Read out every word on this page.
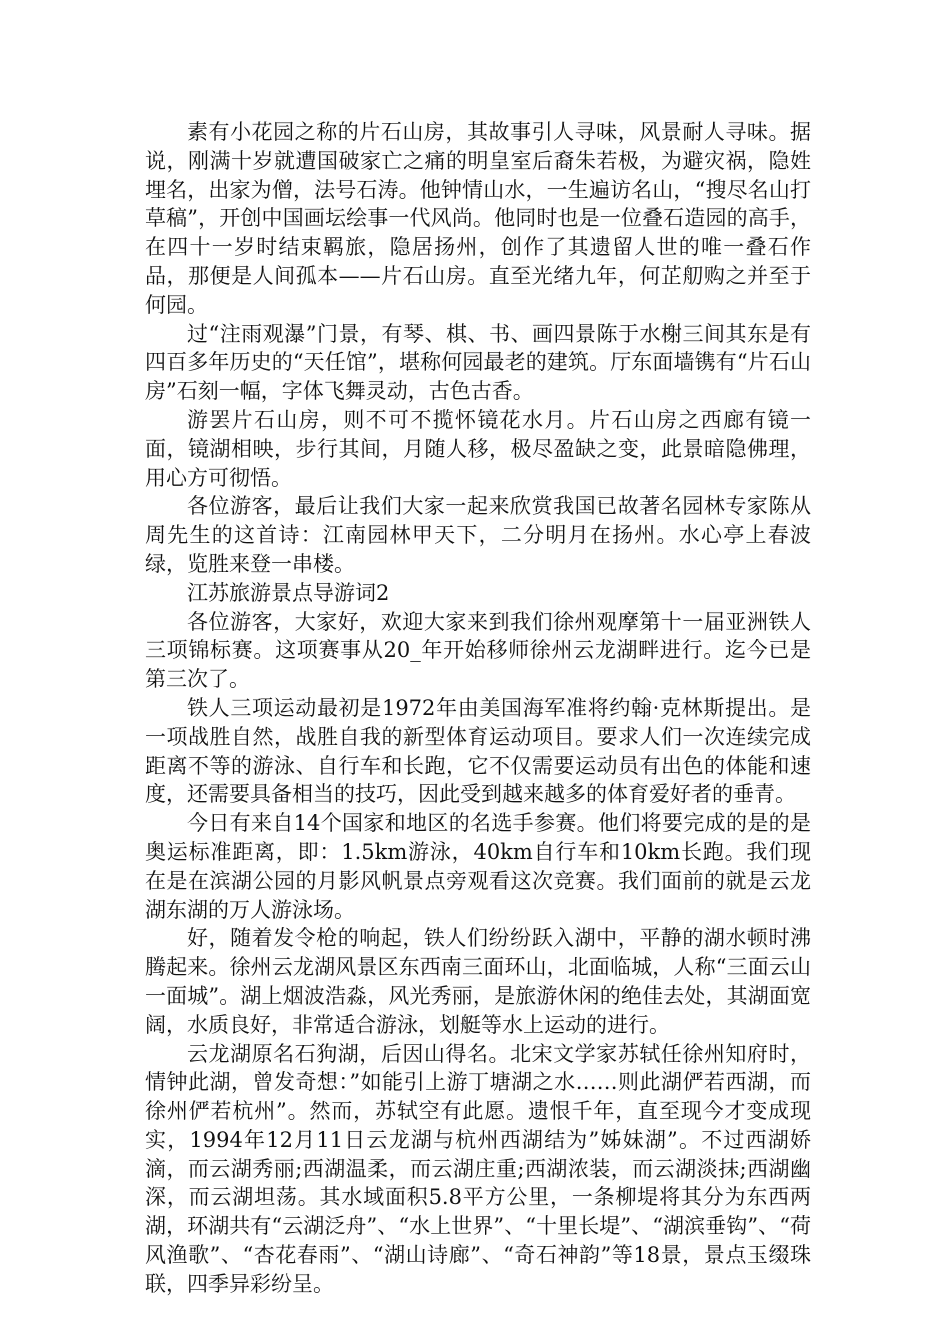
素有小花园之称的片石山房，其故事引人寻味，风景耐人寻味。据说，刚满十岁就遭国破家亡之痛的明皇室后裔朱若极，为避灾祸，隐姓埋名，出家为僧，法号石涛。他钟情山水，一生遍访名山，“搜尽名山打草稿”，开创中国画坛绘事一代风尚。他同时也是一位叠石造园的高手，在四十一岁时结束羁旅，隐居扬州，创作了其遗留人世的唯一叠石作品，那便是人间孤本——片石山房。直至光绪九年，何芷舠购之并至于何园。

过“注雨观瀑”门景，有琴、棋、书、画四景陈于水榭三间其东是有四百多年历史的“天任馆”，堪称何园最老的建筑。厅东面墙镌有“片石山房”石刻一幅，字体飞舞灵动，古色古香。

游罢片石山房，则不可不揽怀镜花水月。片石山房之西廊有镜一面，镜湖相映，步行其间，月随人移，极尽盈缺之变，此景暗隐佛理，用心方可彻悟。

各位游客，最后让我们大家一起来欣赏我国已故著名园林专家陈从周先生的这首诗：江南园林甲天下，二分明月在扬州。水心亭上春波绿，览胜来登一串楼。

江苏旅游景点导游词2

各位游客，大家好，欢迎大家来到我们徐州观摩第十一届亚洲铁人三项锦标赛。这项赛事从20_年开始移师徐州云龙湖畔进行。迄今已是第三次了。

铁人三项运动最初是1972年由美国海军准将约翰·克林斯提出。是一项战胜自然，战胜自我的新型体育运动项目。要求人们一次连续完成距离不等的游泳、自行车和长跑，它不仅需要运动员有出色的体能和速度，还需要具备相当的技巧，因此受到越来越多的体育爱好者的垂青。

今日有来自14个国家和地区的名选手参赛。他们将要完成的是的是奥运标准距离，即：1.5km游泳，40km自行车和10km长跑。我们现在是在滨湖公园的月影风帆景点旁观看这次竞赛。我们面前的就是云龙湖东湖的万人游泳场。

好，随着发令枪的响起，铁人们纷纷跃入湖中，平静的湖水顿时沸腾起来。徐州云龙湖风景区东西南三面环山，北面临城，人称“三面云山一面城”。湖上烟波浩淼，风光秀丽，是旅游休闲的绝佳去处，其湖面宽阔，水质良好，非常适合游泳，划艇等水上运动的进行。

云龙湖原名石狗湖，后因山得名。北宋文学家苏轼任徐州知府时，情钟此湖，曾发奇想：”如能引上游丁塘湖之水……则此湖俨若西湖，而徐州俨若杭州”。然而，苏轼空有此愿。遗恨千年，直至现今才变成现实，1994年12月11日云龙湖与杭州西湖结为”姊妹湖”。不过西湖娇滴，而云湖秀丽;西湖温柔，而云湖庄重;西湖浓装，而云湖淡抹;西湖幽深，而云湖坦荡。其水域面积5.8平方公里，一条柳堤将其分为东西两湖，环湖共有“云湖泛舟”、“水上世界”、“十里长堤”、“湖滨垂钩”、“荷风渔歌”、“杏花春雨”、“湖山诗廊”、“奇石神韵”等18景，景点玉缀珠联，四季异彩纷呈。
